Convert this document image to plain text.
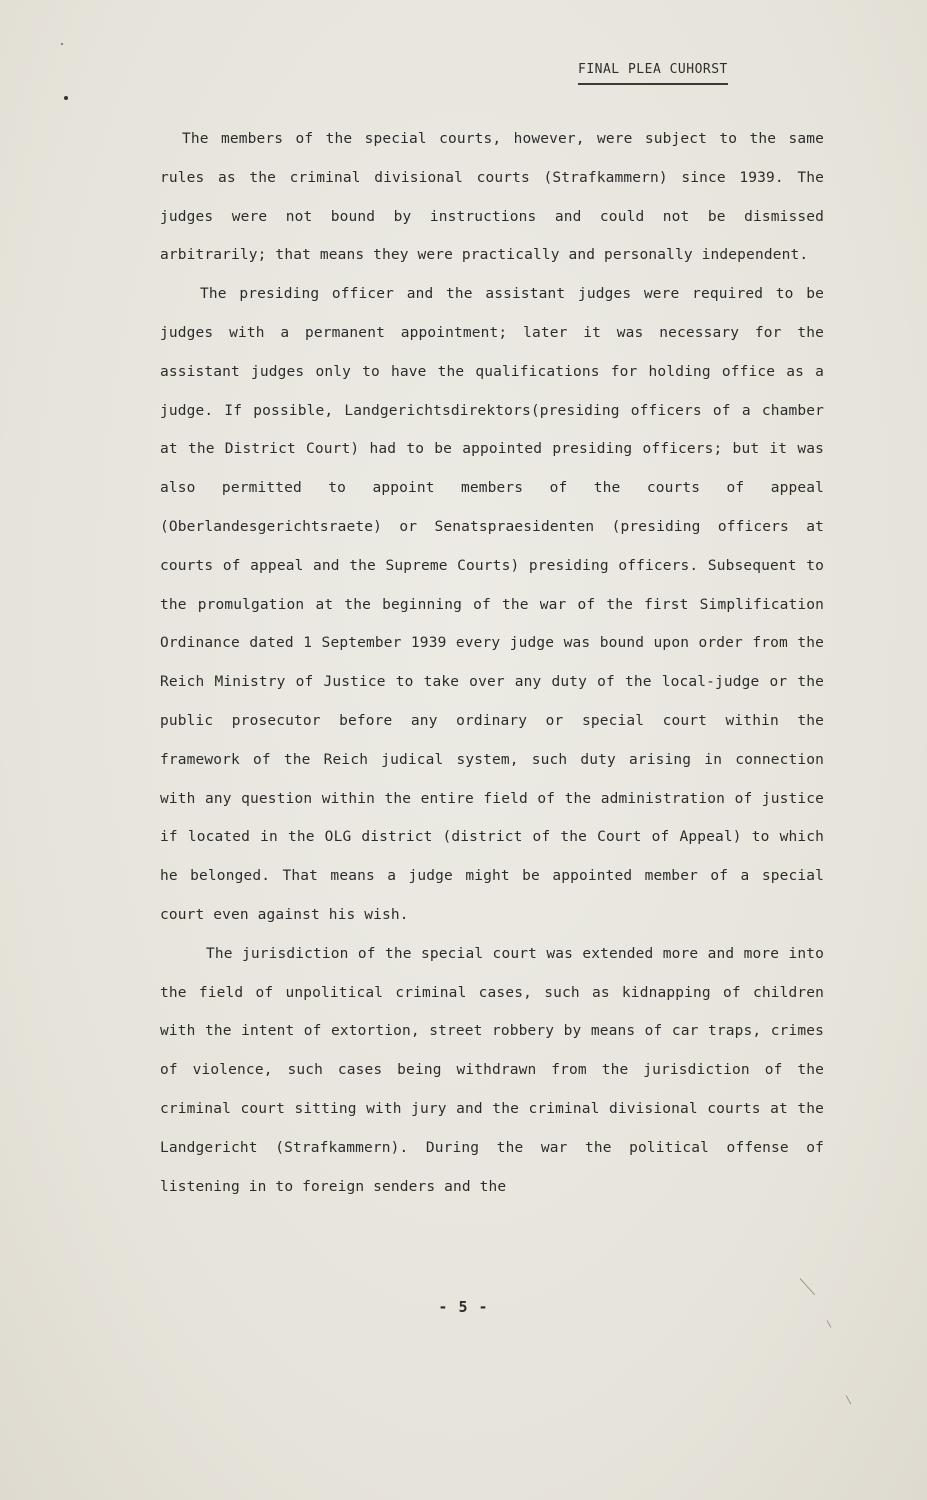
FINAL PLEA CUHORST

The members of the special courts, however, were subject to the same rules as the criminal divisional courts (Strafkammern) since 1939. The judges were not bound by instructions and could not be dismissed arbitrarily; that means they were practically and personally independent.

The presiding officer and the assistant judges were required to be judges with a permanent appointment; later it was necessary for the assistant judges only to have the qualifications for holding office as a judge. If possible, Landgerichtsdirektors(presiding officers of a chamber at the District Court) had to be appointed presiding officers; but it was also permitted to appoint members of the courts of appeal (Oberlandesgerichtsraete) or Senatspraesidenten (presiding officers at courts of appeal and the Supreme Courts) presiding officers. Subsequent to the promulgation at the beginning of the war of the first Simplification Ordinance dated 1 September 1939 every judge was bound upon order from the Reich Ministry of Justice to take over any duty of the local-judge or the public prosecutor before any ordinary or special court within the framework of the Reich judical system, such duty arising in connection with any question within the entire field of the administration of justice if located in the OLG district (district of the Court of Appeal) to which he belonged. That means a judge might be appointed member of a special court even against his wish.

The jurisdiction of the special court was extended more and more into the field of unpolitical criminal cases, such as kidnapping of children with the intent of extortion, street robbery by means of car traps, crimes of violence, such cases being withdrawn from the jurisdiction of the criminal court sitting with jury and the criminal divisional courts at the Landgericht (Strafkammern). During the war the political offense of listening in to foreign senders and the

- 5 -
